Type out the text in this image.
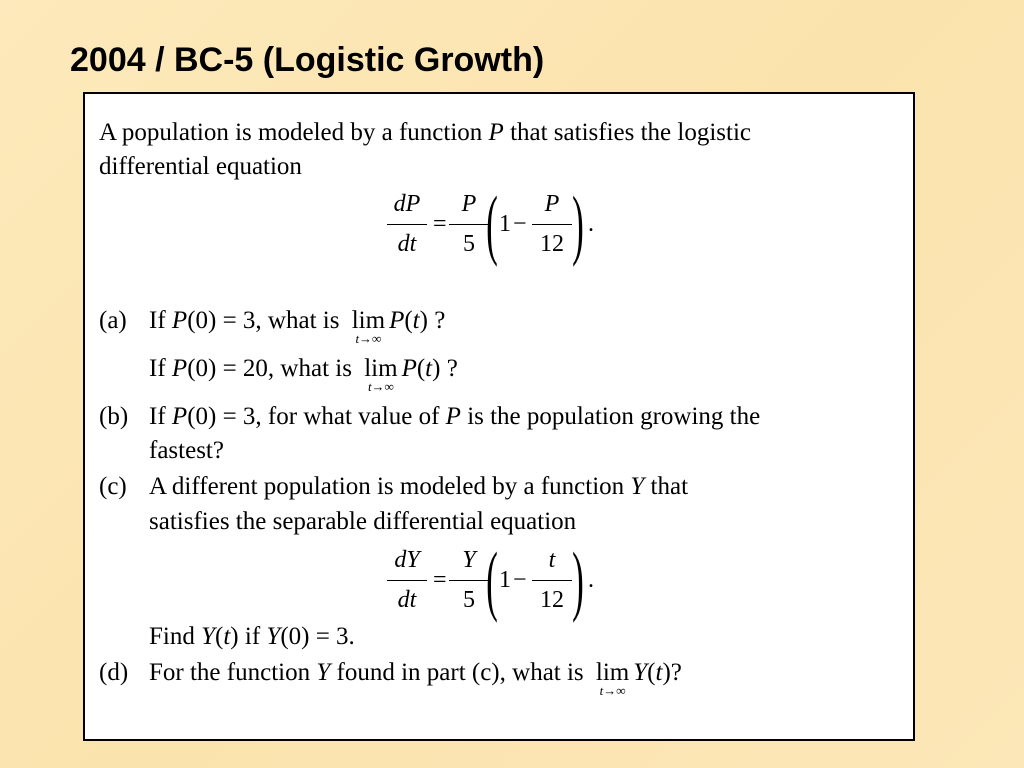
2004 / BC-5 (Logistic Growth)
A population is modeled by a function P that satisfies the logistic
differential equation
dP
dt
=
P
5 ( 1 −
P
12 ) .
(a) If P(0) = 3, what is lim
t→∞
P(t) ?
If P(0) = 20, what is lim
t→∞
P(t) ?
(b) If P(0) = 3, for what value of P is the population growing the
fastest?
(c) A different population is modeled by a function Y that
satisfies the separable differential equation
dY
dt
=
Y
5 ( 1 −
t
12 ) .
Find Y(t) if Y(0) = 3.
(d) For the function Y found in part (c), what is lim
t→∞
Y(t)?
